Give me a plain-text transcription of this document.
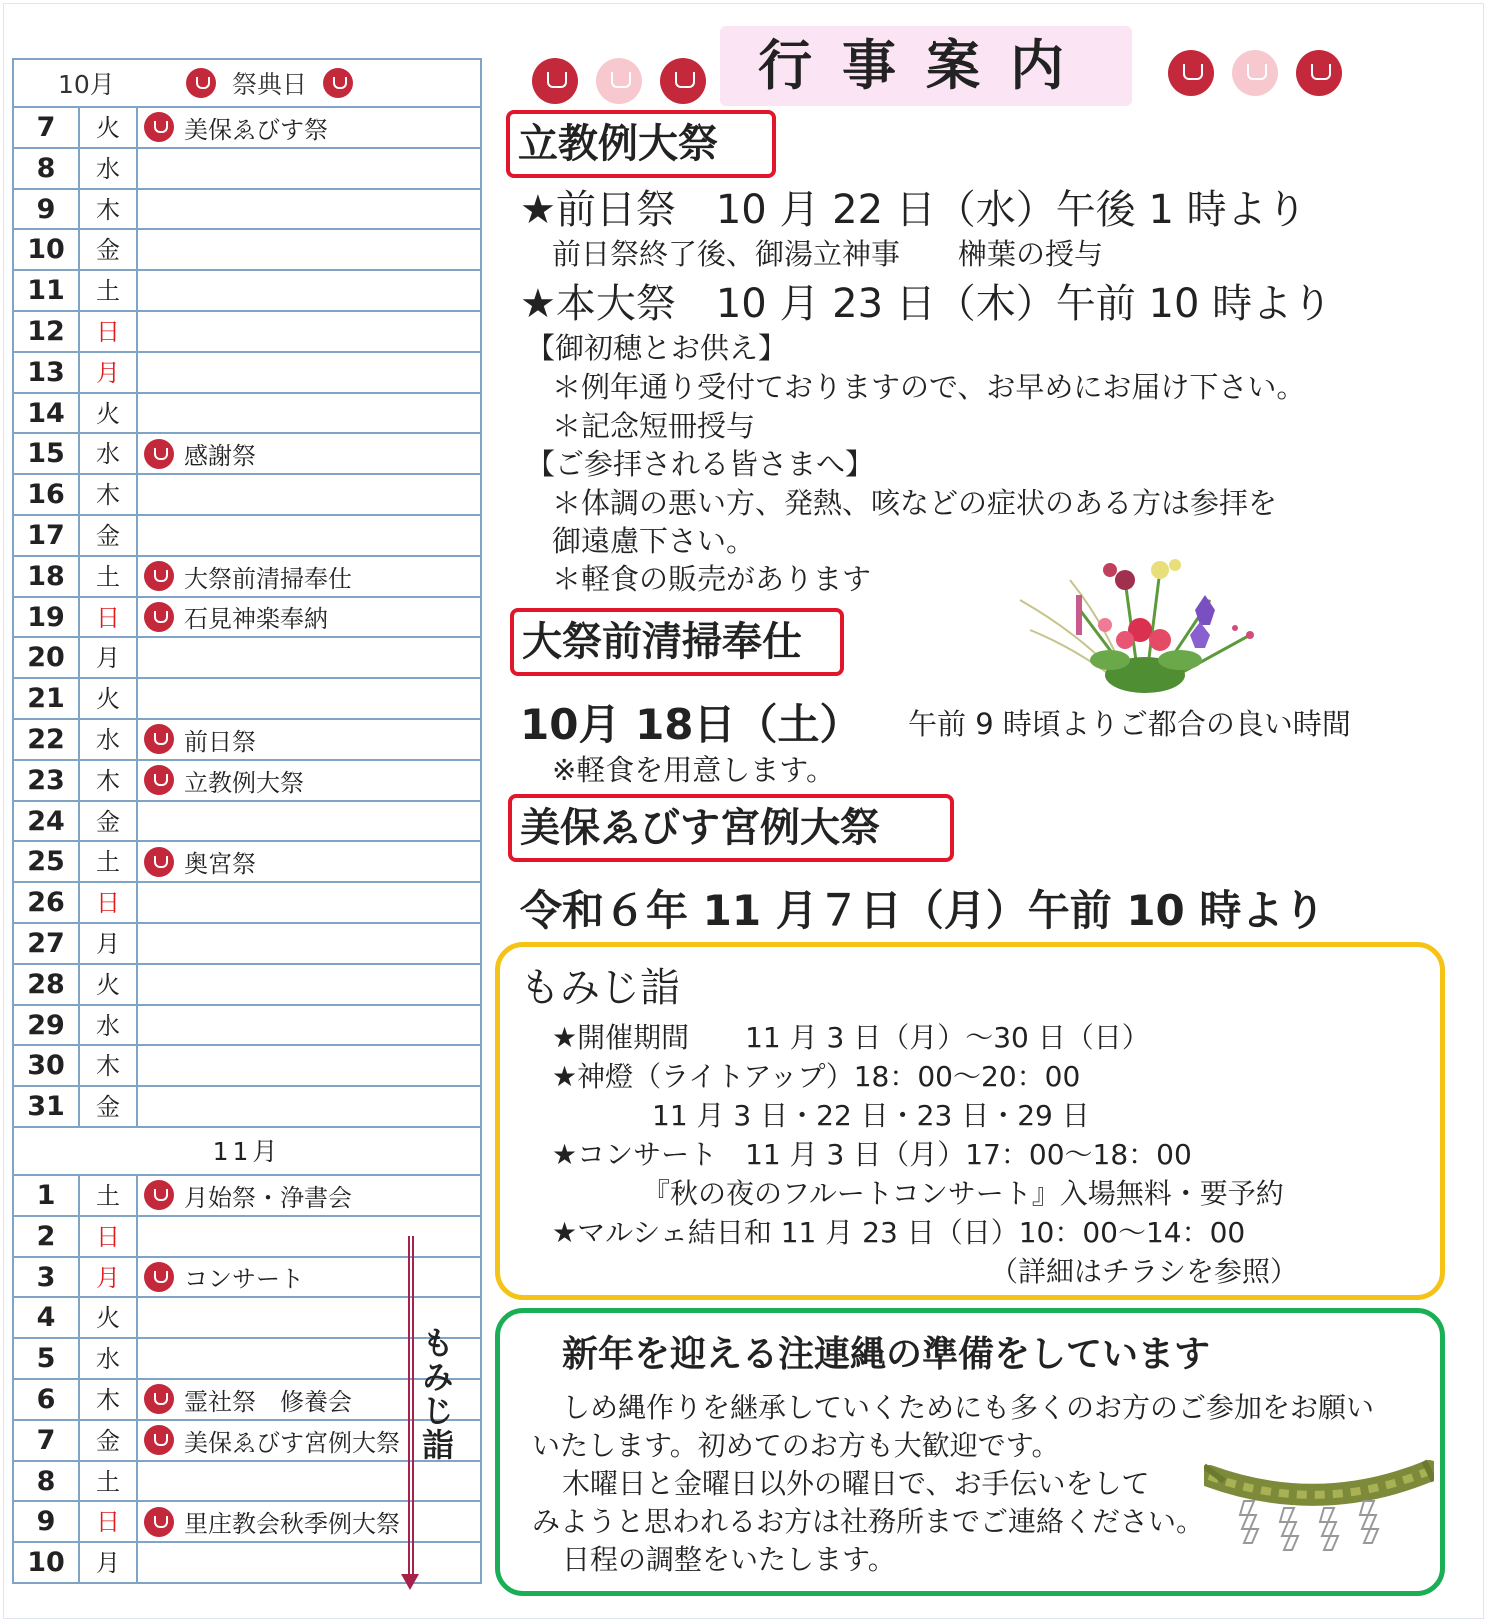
10月	祭典日
7	火	美保ゑびす祭
8	水
9	木
10	金
11	土
12	日
13	月
14	火
15	水	感謝祭
16	木
17	金
18	土	大祭前清掃奉仕
19	日	石見神楽奉納
20	月
21	火
22	水	前日祭
23	木	立教例大祭
24	金
25	土	奥宮祭
26	日
27	月
28	火
29	水
30	木
31	金
11月
1	土	月始祭・浄書会
2	日
3	月	コンサート
4	火
5	水
6	木	霊社祭　修養会
7	金	美保ゑびす宮例大祭
8	土
9	日	里庄教会秋季例大祭
10	月
もみじ詣
行事案内
立教例大祭
★前日祭　10 月 22 日（水）午後 1 時より
前日祭終了後、御湯立神事　　榊葉の授与
★本大祭　10 月 23 日（木）午前 10 時より
【御初穂とお供え】
＊例年通り受付ておりますので、お早めにお届け下さい。
＊記念短冊授与
【ご参拝される皆さまへ】
＊体調の悪い方、発熱、咳などの症状のある方は参拝を
御遠慮下さい。
＊軽食の販売があります
大祭前清掃奉仕
10月 18日（土） 午前 9 時頃よりご都合の良い時間
※軽食を用意します。
美保ゑびす宮例大祭
令和６年 11 月７日（月）午前 10 時より
もみじ詣
★開催期間　　11 月 3 日（月）～30 日（日）
★神燈（ライトアップ）18：00～20：00
11 月 3 日・22 日・23 日・29 日
★コンサート　11 月 3 日（月）17：00～18：00
『秋の夜のフルートコンサート』入場無料・要予約
★マルシェ結日和 11 月 23 日（日）10：00～14：00
（詳細はチラシを参照）
新年を迎える注連縄の準備をしています
しめ縄作りを継承していくためにも多くのお方のご参加をお願い
いたします。初めてのお方も大歓迎です。
木曜日と金曜日以外の曜日で、お手伝いをして
みようと思われるお方は社務所までご連絡ください。
日程の調整をいたします。
